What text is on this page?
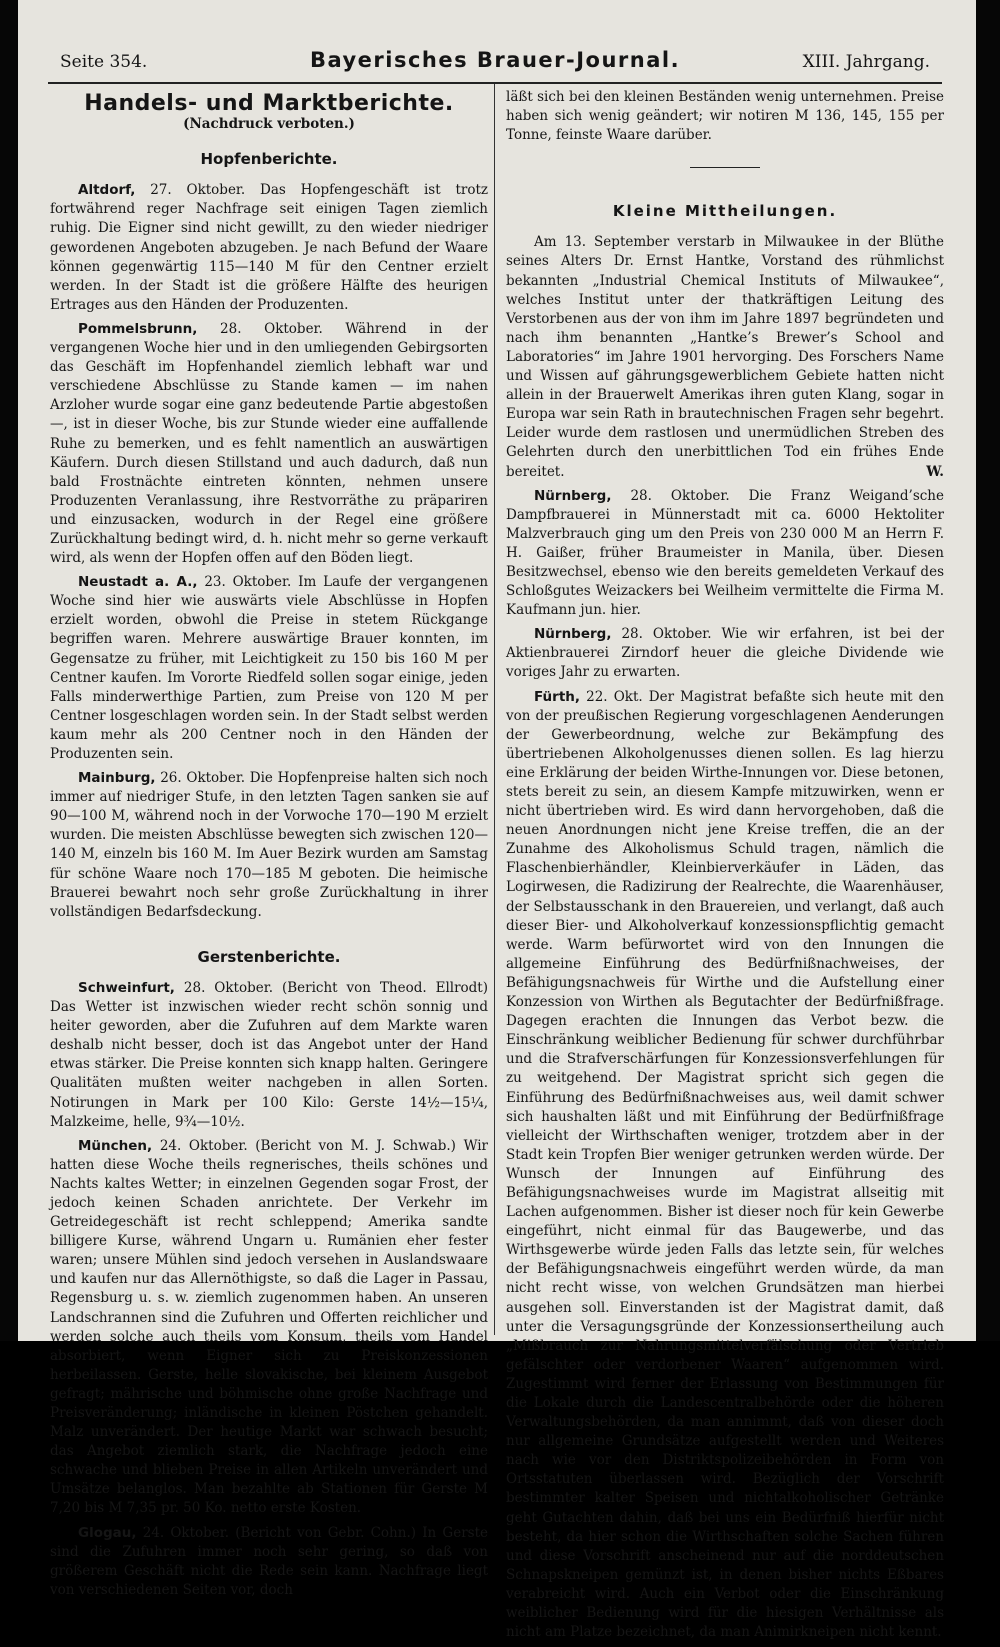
Seite 354.	Bayerisches Brauer-Journal.	XIII. Jahrgang.
Handels- und Marktberichte.
(Nachdruck verboten.)
Hopfenberichte.

Altdorf, 27. Oktober. Das Hopfengeschäft ist trotz fortwährend reger Nachfrage seit einigen Tagen ziemlich ruhig. Die Eigner sind nicht gewillt, zu den wieder niedriger gewordenen Angeboten abzugeben. Je nach Befund der Waare können gegenwärtig 115—140 M für den Centner erzielt werden. In der Stadt ist die größere Hälfte des heurigen Ertrages aus den Händen der Produzenten.

Pommelsbrunn, 28. Oktober. Während in der vergangenen Woche hier und in den umliegenden Gebirgsorten das Geschäft im Hopfenhandel ziemlich lebhaft war und verschiedene Abschlüsse zu Stande kamen — im nahen Arzloher wurde sogar eine ganz bedeutende Partie abgestoßen —, ist in dieser Woche, bis zur Stunde wieder eine auffallende Ruhe zu bemerken, und es fehlt namentlich an auswärtigen Käufern. Durch diesen Stillstand und auch dadurch, daß nun bald Frostnächte eintreten könnten, nehmen unsere Produzenten Veranlassung, ihre Restvorräthe zu präpariren und einzusacken, wodurch in der Regel eine größere Zurückhaltung bedingt wird, d. h. nicht mehr so gerne verkauft wird, als wenn der Hopfen offen auf den Böden liegt.

Neustadt a. A., 23. Oktober. Im Laufe der vergangenen Woche sind hier wie auswärts viele Abschlüsse in Hopfen erzielt worden, obwohl die Preise in stetem Rückgange begriffen waren. Mehrere auswärtige Brauer konnten, im Gegensatze zu früher, mit Leichtigkeit zu 150 bis 160 M per Centner kaufen. Im Vororte Riedfeld sollen sogar einige, jeden Falls minderwerthige Partien, zum Preise von 120 M per Centner losgeschlagen worden sein. In der Stadt selbst werden kaum mehr als 200 Centner noch in den Händen der Produzenten sein.

Mainburg, 26. Oktober. Die Hopfenpreise halten sich noch immer auf niedriger Stufe, in den letzten Tagen sanken sie auf 90—100 M, während noch in der Vorwoche 170—190 M erzielt wurden. Die meisten Abschlüsse bewegten sich zwischen 120—140 M, einzeln bis 160 M. Im Auer Bezirk wurden am Samstag für schöne Waare noch 170—185 M geboten. Die heimische Brauerei bewahrt noch sehr große Zurückhaltung in ihrer vollständigen Bedarfsdeckung.

Gerstenberichte.

Schweinfurt, 28. Oktober. (Bericht von Theod. Ellrodt) Das Wetter ist inzwischen wieder recht schön sonnig und heiter geworden, aber die Zufuhren auf dem Markte waren deshalb nicht besser, doch ist das Angebot unter der Hand etwas stärker. Die Preise konnten sich knapp halten. Geringere Qualitäten mußten weiter nachgeben in allen Sorten. Notirungen in Mark per 100 Kilo: Gerste 14½—15¼, Malzkeime, helle, 9¾—10½.

München, 24. Oktober. (Bericht von M. J. Schwab.) Wir hatten diese Woche theils regnerisches, theils schönes und Nachts kaltes Wetter; in einzelnen Gegenden sogar Frost, der jedoch keinen Schaden anrichtete. Der Verkehr im Getreidegeschäft ist recht schleppend; Amerika sandte billigere Kurse, während Ungarn u. Rumänien eher fester waren; unsere Mühlen sind jedoch versehen in Auslandswaare und kaufen nur das Allernöthigste, so daß die Lager in Passau, Regensburg u. s. w. ziemlich zugenommen haben. An unseren Landschrannen sind die Zufuhren und Offerten reichlicher und werden solche auch theils vom Konsum, theils vom Handel absorbiert, wenn Eigner sich zu Preiskonzessionen herbeilassen. Gerste, helle slovakische, bei kleinem Ausgebot gefragt; mährische und böhmische ohne große Nachfrage und Preisveränderung; inländische in kleinen Pöstchen gehandelt. Malz unverändert. Der heutige Markt war schwach besucht; das Angebot ziemlich stark, die Nachfrage jedoch eine schwache und blieben Preise in allen Artikeln unverändert und Umsätze belanglos. Man bezahlte ab Stationen für Gerste M 7,20 bis M 7,35 pr. 50 Ko. netto erste Kosten.

Glogau, 24. Oktober. (Bericht von Gebr. Cohn.) In Gerste sind die Zufuhren immer noch sehr gering, so daß von größerem Geschäft nicht die Rede sein kann. Nachfrage liegt von verschiedenen Seiten vor, doch

läßt sich bei den kleinen Beständen wenig unternehmen. Preise haben sich wenig geändert; wir notiren M 136, 145, 155 per Tonne, feinste Waare darüber.

Kleine Mittheilungen.

Am 13. September verstarb in Milwaukee in der Blüthe seines Alters Dr. Ernst Hantke, Vorstand des rühmlichst bekannten „Industrial Chemical Instituts of Milwaukee“, welches Institut unter der thatkräftigen Leitung des Verstorbenen aus der von ihm im Jahre 1897 begründeten und nach ihm benannten „Hantke’s Brewer’s School and Laboratories“ im Jahre 1901 hervorging. Des Forschers Name und Wissen auf gährungsgewerblichem Gebiete hatten nicht allein in der Brauerwelt Amerikas ihren guten Klang, sogar in Europa war sein Rath in brautechnischen Fragen sehr begehrt. Leider wurde dem rastlosen und unermüdlichen Streben des Gelehrten durch den unerbittlichen Tod ein frühes Ende bereitet.	W.

Nürnberg, 28. Oktober. Die Franz Weigand’sche Dampfbrauerei in Münnerstadt mit ca. 6000 Hektoliter Malzverbrauch ging um den Preis von 230 000 M an Herrn F. H. Gaißer, früher Braumeister in Manila, über. Diesen Besitzwechsel, ebenso wie den bereits gemeldeten Verkauf des Schloßgutes Weizackers bei Weilheim vermittelte die Firma M. Kaufmann jun. hier.

Nürnberg, 28. Oktober. Wie wir erfahren, ist bei der Aktienbrauerei Zirndorf heuer die gleiche Dividende wie voriges Jahr zu erwarten.

Fürth, 22. Okt. Der Magistrat befaßte sich heute mit den von der preußischen Regierung vorgeschlagenen Aenderungen der Gewerbeordnung, welche zur Bekämpfung des übertriebenen Alkoholgenusses dienen sollen. Es lag hierzu eine Erklärung der beiden Wirthe-Innungen vor. Diese betonen, stets bereit zu sein, an diesem Kampfe mitzuwirken, wenn er nicht übertrieben wird. Es wird dann hervorgehoben, daß die neuen Anordnungen nicht jene Kreise treffen, die an der Zunahme des Alkoholismus Schuld tragen, nämlich die Flaschenbierhändler, Kleinbierverkäufer in Läden, das Logirwesen, die Radizirung der Realrechte, die Waarenhäuser, der Selbstausschank in den Brauereien, und verlangt, daß auch dieser Bier- und Alkoholverkauf konzessionspflichtig gemacht werde. Warm befürwortet wird von den Innungen die allgemeine Einführung des Bedürfnißnachweises, der Befähigungsnachweis für Wirthe und die Aufstellung einer Konzession von Wirthen als Begutachter der Bedürfnißfrage. Dagegen erachten die Innungen das Verbot bezw. die Einschränkung weiblicher Bedienung für schwer durchführbar und die Strafverschärfungen für Konzessionsverfehlungen für zu weitgehend. Der Magistrat spricht sich gegen die Einführung des Bedürfnißnachweises aus, weil damit schwer sich haushalten läßt und mit Einführung der Bedürfnißfrage vielleicht der Wirthschaften weniger, trotzdem aber in der Stadt kein Tropfen Bier weniger getrunken werden würde. Der Wunsch der Innungen auf Einführung des Befähigungsnachweises wurde im Magistrat allseitig mit Lachen aufgenommen. Bisher ist dieser noch für kein Gewerbe eingeführt, nicht einmal für das Baugewerbe, und das Wirthsgewerbe würde jeden Falls das letzte sein, für welches der Befähigungsnachweis eingeführt werden würde, da man nicht recht wisse, von welchen Grundsätzen man hierbei ausgehen soll. Einverstanden ist der Magistrat damit, daß unter die Versagungsgründe der Konzessionsertheilung auch „Mißbrauch zur Nahrungsmittelverfälschung oder Vertrieb gefälschter oder verdorbener Waaren“ aufgenommen wird. Zugestimmt wird ferner der Erlassung von Bestimmungen für die Lokale durch die Landescentralbehörde oder die höheren Verwaltungsbehörden, da man annimmt, daß von dieser doch nur allgemeine Grundsätze aufgestellt werden und Weiteres nach wie vor den Distriktspolizeibehörden in Form von Ortsstatuten überlassen wird. Bezüglich der Vorschrift bestimmter kalter Speisen und nichtalkoholischer Getränke geht Gutachten dahin, daß bei uns ein Bedürfniß hierfür nicht besteht, da hier schon die Wirthschaften solche Sachen führen und diese Vorschrift anscheinend nur auf die norddeutschen Schnapskneipen gemünzt ist, in denen bisher nichts Eßbares verabreicht wird. Auch ein Verbot oder die Einschränkung weiblicher Bedienung wird für die hiesigen Verhältnisse als nicht am Platze bezeichnet, da man Animirkneipen nicht kennt.
